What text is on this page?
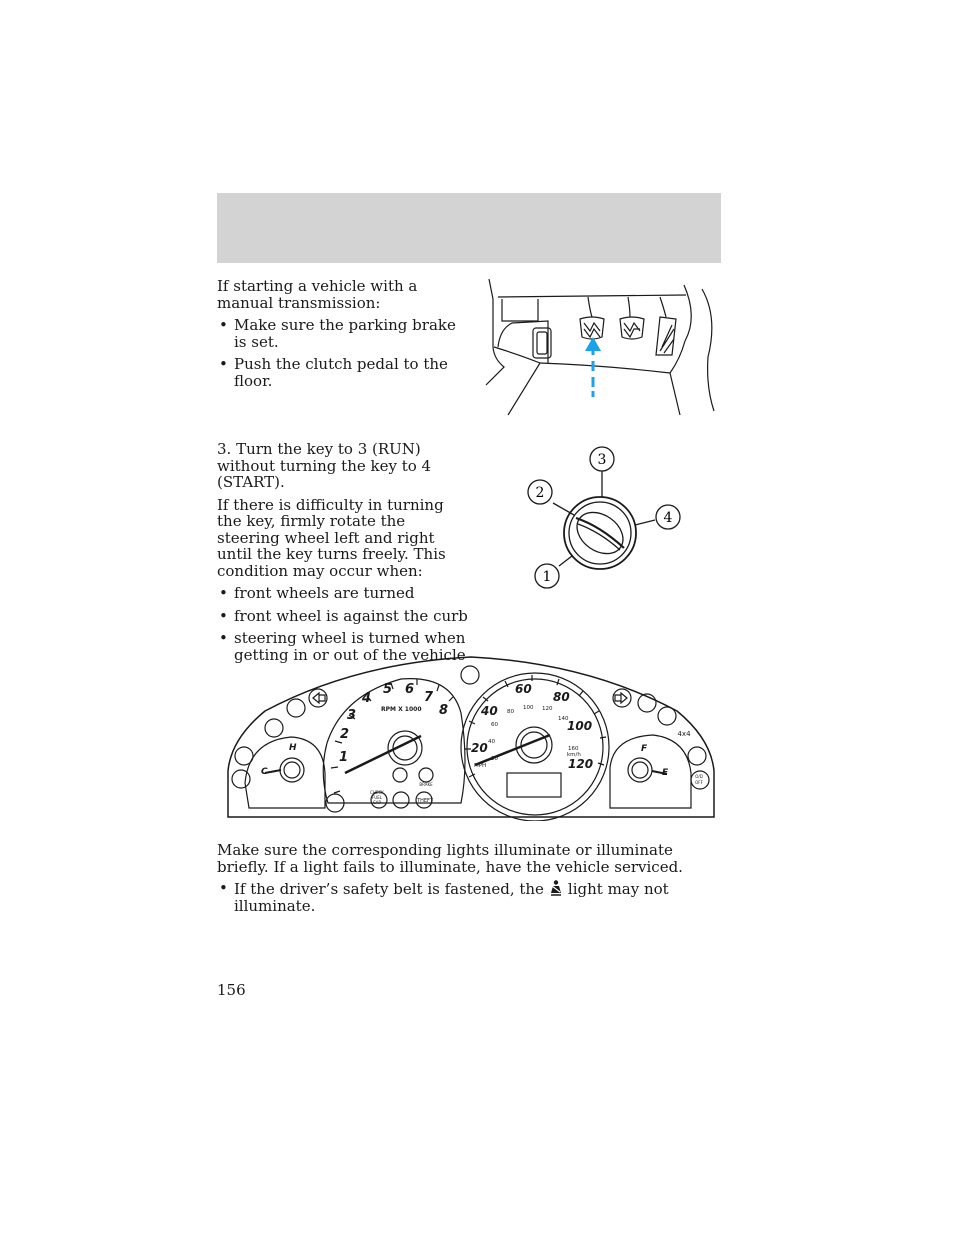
If starting a vehicle with a manual transmission:

• Make sure the parking brake is set.
• Push the clutch pedal to the floor.

3. Turn the key to 3 (RUN) without turning the key to 4 (START).

If there is difficulty in turning the key, firmly rotate the steering wheel left and right until the key turns freely. This condition may occur when:

• front wheels are turned
• front wheel is against the curb
• steering wheel is turned when getting in or out of the vehicle
3
2
4
1
1
2
3
4
5 6
7
8
RPM X 1000
20
40
60
80
100
120
20
40
60
80
100 120
140
160
km/h
MPH
H
C
F
E
BRAKE
CHECK
FUEL
CAP	THEFT
4x4
O/D
OFF

Make sure the corresponding lights illuminate or illuminate briefly. If a light fails to illuminate, have the vehicle serviced.

• If the driver’s safety belt is fastened, the light may not illuminate.
156
